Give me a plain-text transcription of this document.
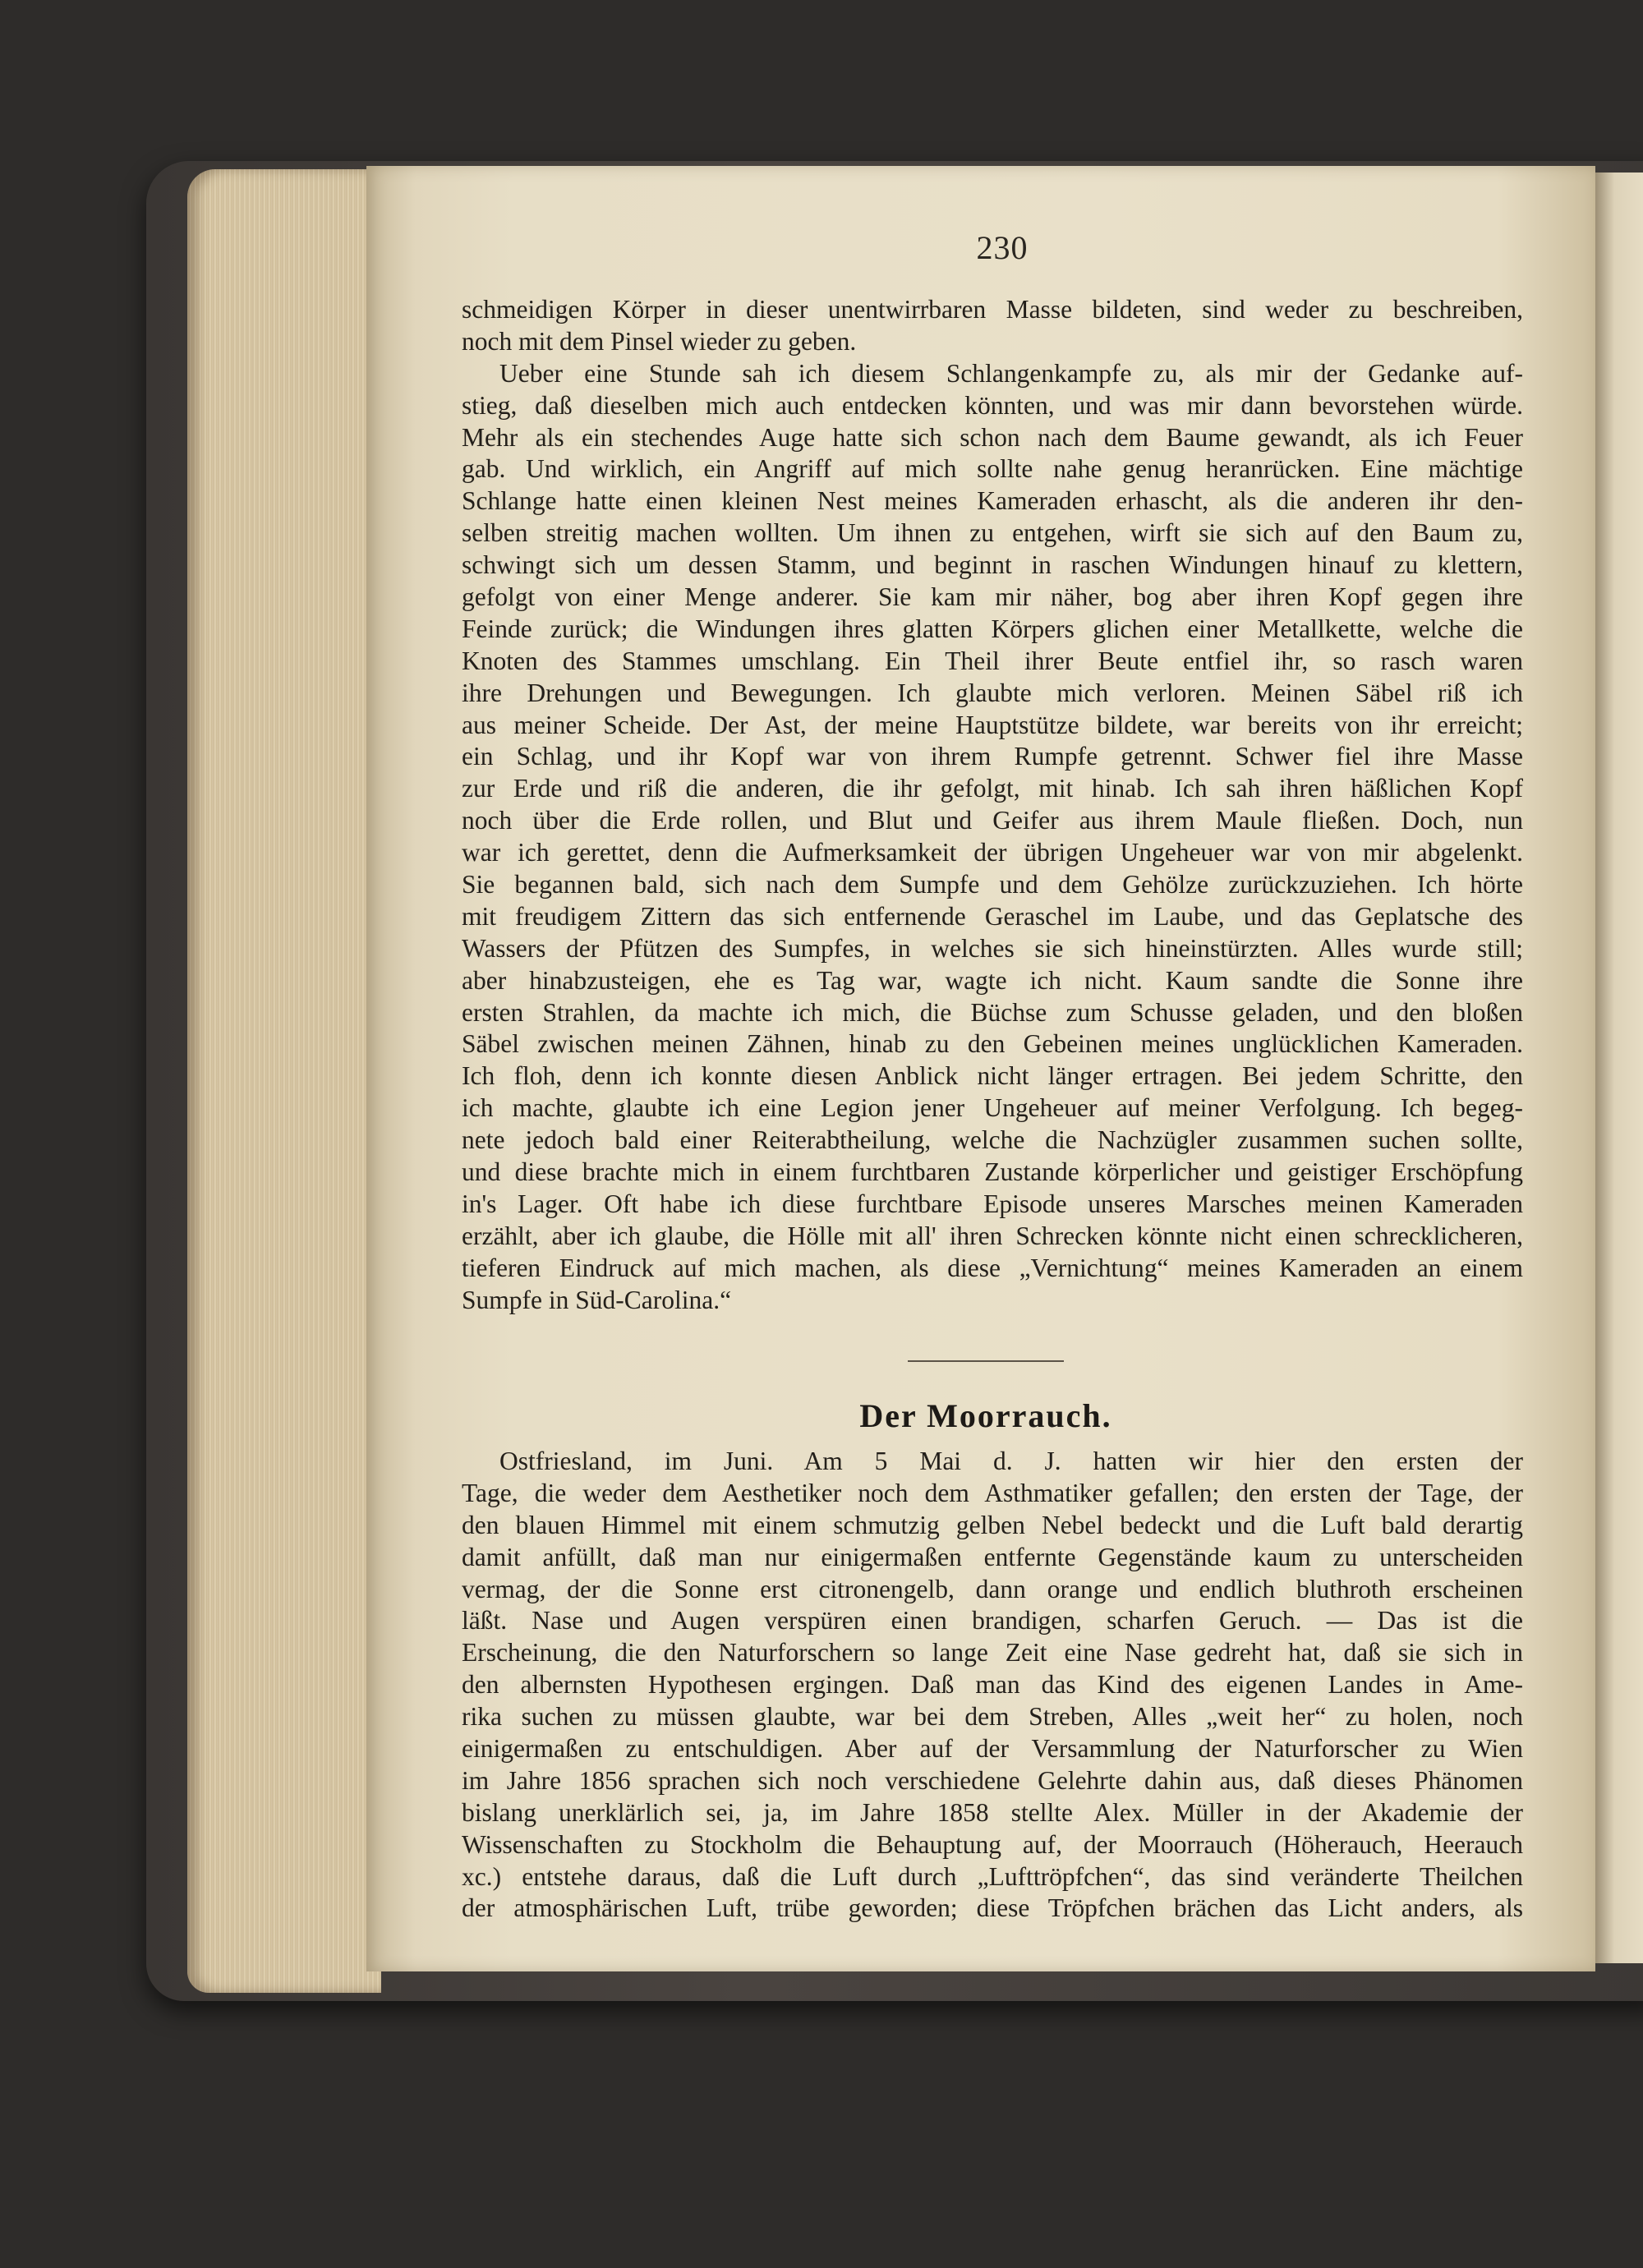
230
schmeidigen Körper in dieser unentwirrbaren Masse bildeten, sind weder zu beschreiben,
noch mit dem Pinsel wieder zu geben.
Ueber eine Stunde sah ich diesem Schlangenkampfe zu, als mir der Gedanke auf-
stieg, daß dieselben mich auch entdecken könnten, und was mir dann bevorstehen würde.
Mehr als ein stechendes Auge hatte sich schon nach dem Baume gewandt, als ich Feuer
gab. Und wirklich, ein Angriff auf mich sollte nahe genug heranrücken. Eine mächtige
Schlange hatte einen kleinen Nest meines Kameraden erhascht, als die anderen ihr den-
selben streitig machen wollten. Um ihnen zu entgehen, wirft sie sich auf den Baum zu,
schwingt sich um dessen Stamm, und beginnt in raschen Windungen hinauf zu klettern,
gefolgt von einer Menge anderer. Sie kam mir näher, bog aber ihren Kopf gegen ihre
Feinde zurück; die Windungen ihres glatten Körpers glichen einer Metallkette, welche die
Knoten des Stammes umschlang. Ein Theil ihrer Beute entfiel ihr, so rasch waren
ihre Drehungen und Bewegungen. Ich glaubte mich verloren. Meinen Säbel riß ich
aus meiner Scheide. Der Ast, der meine Hauptstütze bildete, war bereits von ihr erreicht;
ein Schlag, und ihr Kopf war von ihrem Rumpfe getrennt. Schwer fiel ihre Masse
zur Erde und riß die anderen, die ihr gefolgt, mit hinab. Ich sah ihren häßlichen Kopf
noch über die Erde rollen, und Blut und Geifer aus ihrem Maule fließen. Doch, nun
war ich gerettet, denn die Aufmerksamkeit der übrigen Ungeheuer war von mir abgelenkt.
Sie begannen bald, sich nach dem Sumpfe und dem Gehölze zurückzuziehen. Ich hörte
mit freudigem Zittern das sich entfernende Geraschel im Laube, und das Geplatsche des
Wassers der Pfützen des Sumpfes, in welches sie sich hineinstürzten. Alles wurde still;
aber hinabzusteigen, ehe es Tag war, wagte ich nicht. Kaum sandte die Sonne ihre
ersten Strahlen, da machte ich mich, die Büchse zum Schusse geladen, und den bloßen
Säbel zwischen meinen Zähnen, hinab zu den Gebeinen meines unglücklichen Kameraden.
Ich floh, denn ich konnte diesen Anblick nicht länger ertragen. Bei jedem Schritte, den
ich machte, glaubte ich eine Legion jener Ungeheuer auf meiner Verfolgung. Ich begeg-
nete jedoch bald einer Reiterabtheilung, welche die Nachzügler zusammen suchen sollte,
und diese brachte mich in einem furchtbaren Zustande körperlicher und geistiger Erschöpfung
in's Lager. Oft habe ich diese furchtbare Episode unseres Marsches meinen Kameraden
erzählt, aber ich glaube, die Hölle mit all' ihren Schrecken könnte nicht einen schrecklicheren,
tieferen Eindruck auf mich machen, als diese „Vernichtung“ meines Kameraden an einem
Sumpfe in Süd-Carolina.“
Der Moorrauch.
Ostfriesland, im Juni. Am 5 Mai d. J. hatten wir hier den ersten der
Tage, die weder dem Aesthetiker noch dem Asthmatiker gefallen; den ersten der Tage, der
den blauen Himmel mit einem schmutzig gelben Nebel bedeckt und die Luft bald derartig
damit anfüllt, daß man nur einigermaßen entfernte Gegenstände kaum zu unterscheiden
vermag, der die Sonne erst citronengelb, dann orange und endlich bluthroth erscheinen
läßt. Nase und Augen verspüren einen brandigen, scharfen Geruch. — Das ist die
Erscheinung, die den Naturforschern so lange Zeit eine Nase gedreht hat, daß sie sich in
den albernsten Hypothesen ergingen. Daß man das Kind des eigenen Landes in Ame-
rika suchen zu müssen glaubte, war bei dem Streben, Alles „weit her“ zu holen, noch
einigermaßen zu entschuldigen. Aber auf der Versammlung der Naturforscher zu Wien
im Jahre 1856 sprachen sich noch verschiedene Gelehrte dahin aus, daß dieses Phänomen
bislang unerklärlich sei, ja, im Jahre 1858 stellte Alex. Müller in der Akademie der
Wissenschaften zu Stockholm die Behauptung auf, der Moorrauch (Höherauch, Heerauch
xc.) entstehe daraus, daß die Luft durch „Lufttröpfchen“, das sind veränderte Theilchen
der atmosphärischen Luft, trübe geworden; diese Tröpfchen brächen das Licht anders, als
